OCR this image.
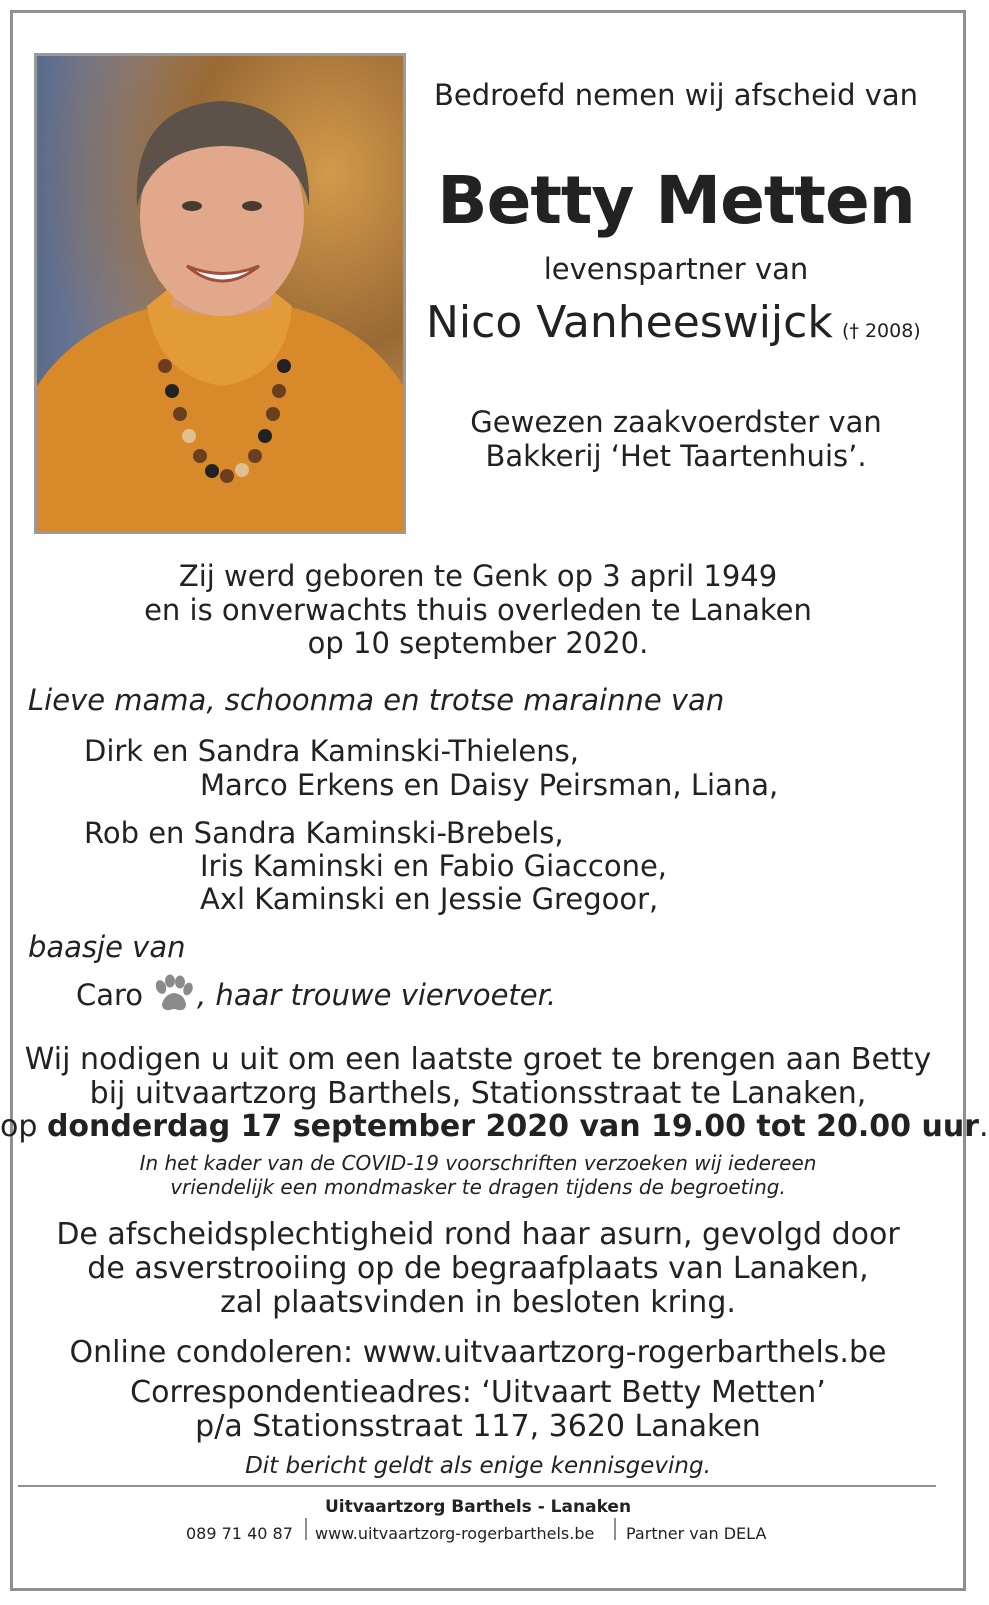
Bedroefd nemen wij afscheid van
Betty Metten
levenspartner van
Nico Vanheeswijck († 2008)
Gewezen zaakvoerdster van
Bakkerij ‘Het Taartenhuis’.
Zij werd geboren te Genk op 3 april 1949
en is onverwachts thuis overleden te Lanaken
op 10 september 2020.
Lieve mama, schoonma en trotse marainne van
Dirk en Sandra Kaminski-Thielens,
Marco Erkens en Daisy Peirsman, Liana,
Rob en Sandra Kaminski-Brebels,
Iris Kaminski en Fabio Giaccone,
Axl Kaminski en Jessie Gregoor,
baasje van
Caro , haar trouwe viervoeter.
Wij nodigen u uit om een laatste groet te brengen aan Betty
bij uitvaartzorg Barthels, Stationsstraat te Lanaken,
op donderdag 17 september 2020 van 19.00 tot 20.00 uur.
In het kader van de COVID-19 voorschriften verzoeken wij iedereen
vriendelijk een mondmasker te dragen tijdens de begroeting.
De afscheidsplechtigheid rond haar asurn, gevolgd door
de asverstrooiing op de begraafplaats van Lanaken,
zal plaatsvinden in besloten kring.
Online condoleren: www.uitvaartzorg-rogerbarthels.be
Correspondentieadres: ‘Uitvaart Betty Metten’
p/a Stationsstraat 117, 3620 Lanaken
Dit bericht geldt als enige kennisgeving.
Uitvaartzorg Barthels - Lanaken
089 71 40 87 www.uitvaartzorg-rogerbarthels.be Partner van DELA
